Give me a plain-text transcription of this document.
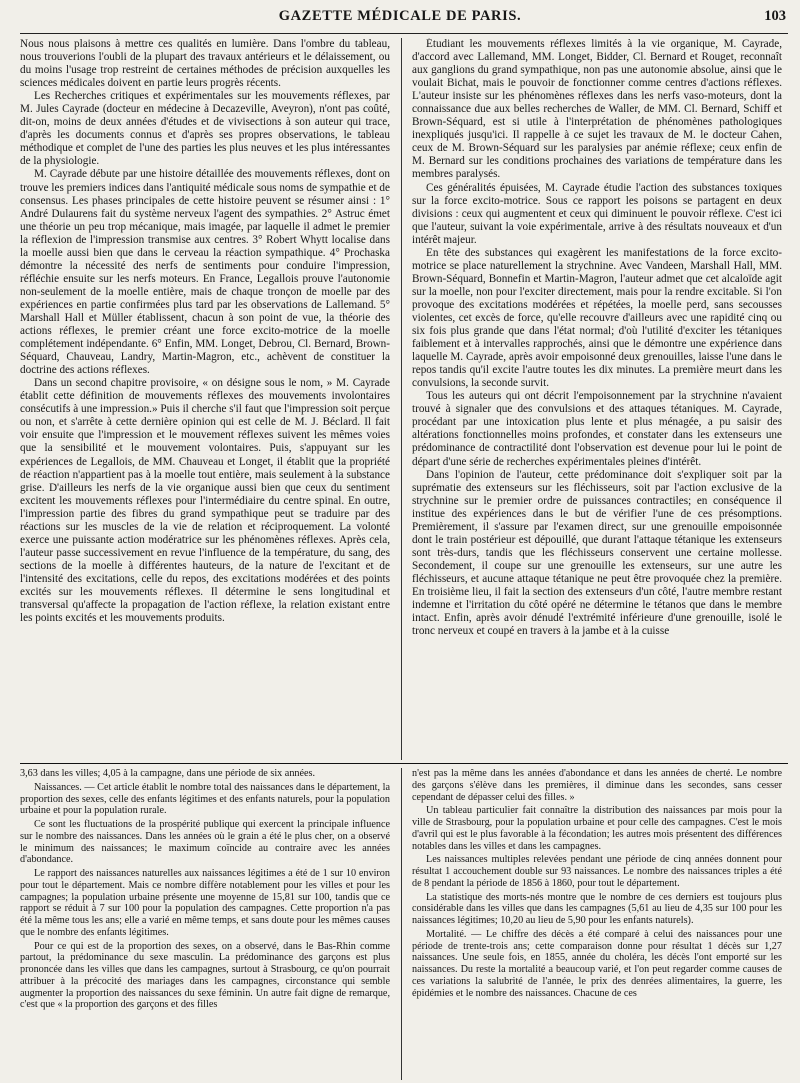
GAZETTE MÉDICALE DE PARIS.	103

Nous nous plaisons à mettre ces qualités en lumière. Dans l'ombre du tableau, nous trouverions l'oubli de la plupart des travaux antérieurs et le délaissement, ou du moins l'usage trop restreint de certaines méthodes de précision auxquelles les sciences médicales doivent en partie leurs progrès récents.

Les Recherches critiques et expérimentales sur les mouvements réflexes, par M. Jules Cayrade (docteur en médecine à Decazeville, Aveyron), n'ont pas coûté, dit-on, moins de deux années d'études et de vivisections à son auteur qui trace, d'après les documents connus et d'après ses propres observations, le tableau méthodique et complet de l'une des parties les plus neuves et les plus intéressantes de la physiologie.

M. Cayrade débute par une histoire détaillée des mouvements réflexes, dont on trouve les premiers indices dans l'antiquité médicale sous noms de sympathie et de consensus. Les phases principales de cette histoire peuvent se résumer ainsi : 1° André Dulaurens fait du système nerveux l'agent des sympathies. 2° Astruc émet une théorie un peu trop mécanique, mais imagée, par laquelle il admet le premier la réflexion de l'impression transmise aux centres. 3° Robert Whytt localise dans la moelle aussi bien que dans le cerveau la réaction sympathique. 4° Prochaska démontre la nécessité des nerfs de sentiments pour conduire l'impression, réfléchie ensuite sur les nerfs moteurs. En France, Legallois prouve l'autonomie non-seulement de la moelle entière, mais de chaque tronçon de moelle par des expériences en partie confirmées plus tard par les observations de Lallemand. 5° Marshall Hall et Müller établissent, chacun à son point de vue, la théorie des actions réflexes, le premier créant une force excito-motrice de la moelle complétement indépendante. 6° Enfin, MM. Longet, Debrou, Cl. Bernard, Brown-Séquard, Chauveau, Landry, Martin-Magron, etc., achèvent de constituer la doctrine des actions réflexes.

Dans un second chapitre provisoire, « on désigne sous le nom, » M. Cayrade établit cette définition de mouvements réflexes des mouvements involontaires consécutifs à une impression.» Puis il cherche s'il faut que l'impression soit perçue ou non, et s'arrête à cette dernière opinion qui est celle de M. J. Béclard. Il fait voir ensuite que l'impression et le mouvement réflexes suivent les mêmes voies que la sensibilité et le mouvement volontaires. Puis, s'appuyant sur les expériences de Legallois, de MM. Chauveau et Longet, il établit que la propriété de réaction n'appartient pas à la moelle tout entière, mais seulement à la substance grise. D'ailleurs les nerfs de la vie organique aussi bien que ceux du sentiment excitent les mouvements réflexes pour l'intermédiaire du centre spinal. En outre, l'impression partie des fibres du grand sympathique peut se traduire par des réactions sur les muscles de la vie de relation et réciproquement. La volonté exerce une puissante action modératrice sur les phénomènes réflexes. Après cela, l'auteur passe successivement en revue l'influence de la température, du sang, des sections de la moelle à différentes hauteurs, de la nature de l'excitant et de l'intensité des excitations, celle du repos, des excitations modérées et des points excités sur les mouvements réflexes. Il détermine le sens longitudinal et transversal qu'affecte la propagation de l'action réflexe, la relation existant entre les points excités et les mouvements produits.

Étudiant les mouvements réflexes limités à la vie organique, M. Cayrade, d'accord avec Lallemand, MM. Longet, Bidder, Cl. Bernard et Rouget, reconnaît aux ganglions du grand sympathique, non pas une autonomie absolue, ainsi que le voulait Bichat, mais le pouvoir de fonctionner comme centres d'actions réflexes. L'auteur insiste sur les phénomènes réflexes dans les nerfs vaso-moteurs, dont la connaissance due aux belles recherches de Waller, de MM. Cl. Bernard, Schiff et Brown-Séquard, est si utile à l'interprétation de phénomènes pathologiques inexpliqués jusqu'ici. Il rappelle à ce sujet les travaux de M. le docteur Cahen, ceux de M. Brown-Séquard sur les paralysies par anémie réflexe; ceux enfin de M. Bernard sur les conditions prochaines des variations de température dans les membres paralysés.

Ces généralités épuisées, M. Cayrade étudie l'action des substances toxiques sur la force excito-motrice. Sous ce rapport les poisons se partagent en deux divisions : ceux qui augmentent et ceux qui diminuent le pouvoir réflexe. C'est ici que l'auteur, suivant la voie expérimentale, arrive à des résultats nouveaux et d'un intérêt majeur.

En tête des substances qui exagèrent les manifestations de la force excito-motrice se place naturellement la strychnine. Avec Vandeen, Marshall Hall, MM. Brown-Séquard, Bonnefin et Martin-Magron, l'auteur admet que cet alcaloïde agit sur la moelle, non pour l'exciter directement, mais pour la rendre excitable. Si l'on provoque des excitations modérées et répétées, la moelle perd, sans secousses violentes, cet excès de force, qu'elle recouvre d'ailleurs avec une rapidité cinq ou six fois plus grande que dans l'état normal; d'où l'utilité d'exciter les tétaniques faiblement et à intervalles rapprochés, ainsi que le démontre une expérience dans laquelle M. Cayrade, après avoir empoisonné deux grenouilles, laisse l'une dans le repos tandis qu'il excite l'autre toutes les dix minutes. La première meurt dans les convulsions, la seconde survit.

Tous les auteurs qui ont décrit l'empoisonnement par la strychnine n'avaient trouvé à signaler que des convulsions et des attaques tétaniques. M. Cayrade, procédant par une intoxication plus lente et plus ménagée, a pu saisir des altérations fonctionnelles moins profondes, et constater dans les extenseurs une prédominance de contractilité dont l'observation est devenue pour lui le point de départ d'une série de recherches expérimentales pleines d'intérêt.

Dans l'opinion de l'auteur, cette prédominance doit s'expliquer soit par la suprématie des extenseurs sur les fléchisseurs, soit par l'action exclusive de la strychnine sur le premier ordre de puissances contractiles; en conséquence il institue des expériences dans le but de vérifier l'une de ces présomptions. Premièrement, il s'assure par l'examen direct, sur une grenouille empoisonnée dont le train postérieur est dépouillé, que durant l'attaque tétanique les extenseurs sont très-durs, tandis que les fléchisseurs conservent une certaine mollesse. Secondement, il coupe sur une grenouille les extenseurs, sur une autre les fléchisseurs, et aucune attaque tétanique ne peut être provoquée chez la première. En troisième lieu, il fait la section des extenseurs d'un côté, l'autre membre restant indemne et l'irritation du côté opéré ne détermine le tétanos que dans le membre intact. Enfin, après avoir dénudé l'extrémité inférieure d'une grenouille, isolé le tronc nerveux et coupé en travers à la jambe et à la cuisse

3,63 dans les villes; 4,05 à la campagne, dans une période de six années.

Naissances. — Cet article établit le nombre total des naissances dans le département, la proportion des sexes, celle des enfants légitimes et des enfants naturels, pour la population urbaine et pour la population rurale.

Ce sont les fluctuations de la prospérité publique qui exercent la principale influence sur le nombre des naissances. Dans les années où le grain a été le plus cher, on a observé le minimum des naissances; le maximum coïncide au contraire avec les années d'abondance.

Le rapport des naissances naturelles aux naissances légitimes a été de 1 sur 10 environ pour tout le département. Mais ce nombre diffère notablement pour les villes et pour les campagnes; la population urbaine présente une moyenne de 15,81 sur 100, tandis que ce rapport se réduit à 7 sur 100 pour la population des campagnes. Cette proportion n'a pas été la même tous les ans; elle a varié en même temps, et sans doute pour les mêmes causes que le nombre des enfants légitimes.

Pour ce qui est de la proportion des sexes, on a observé, dans le Bas-Rhin comme partout, la prédominance du sexe masculin. La prédominance des garçons est plus prononcée dans les villes que dans les campagnes, surtout à Strasbourg, ce qu'on pourrait attribuer à la précocité des mariages dans les campagnes, circonstance qui semble augmenter la proportion des naissances du sexe féminin. Un autre fait digne de remarque, c'est que « la proportion des garçons et des filles

n'est pas la même dans les années d'abondance et dans les années de cherté. Le nombre des garçons s'élève dans les premières, il diminue dans les secondes, sans cesser cependant de dépasser celui des filles. »

Un tableau particulier fait connaître la distribution des naissances par mois pour la ville de Strasbourg, pour la population urbaine et pour celle des campagnes. C'est le mois d'avril qui est le plus favorable à la fécondation; les autres mois présentent des différences notables dans les villes et dans les campagnes.

Les naissances multiples relevées pendant une période de cinq années donnent pour résultat 1 accouchement double sur 93 naissances. Le nombre des naissances triples a été de 8 pendant la période de 1856 à 1860, pour tout le département.

La statistique des morts-nés montre que le nombre de ces derniers est toujours plus considérable dans les villes que dans les campagnes (5,61 au lieu de 4,35 sur 100 pour les naissances légitimes; 10,20 au lieu de 5,90 pour les enfants naturels).

Mortalité. — Le chiffre des décès a été comparé à celui des naissances pour une période de trente-trois ans; cette comparaison donne pour résultat 1 décès sur 1,27 naissances. Une seule fois, en 1855, année du choléra, les décès l'ont emporté sur les naissances. Du reste la mortalité a beaucoup varié, et l'on peut regarder comme causes de ces variations la salubrité de l'année, le prix des denrées alimentaires, la guerre, les épidémies et le nombre des naissances. Chacune de ces
